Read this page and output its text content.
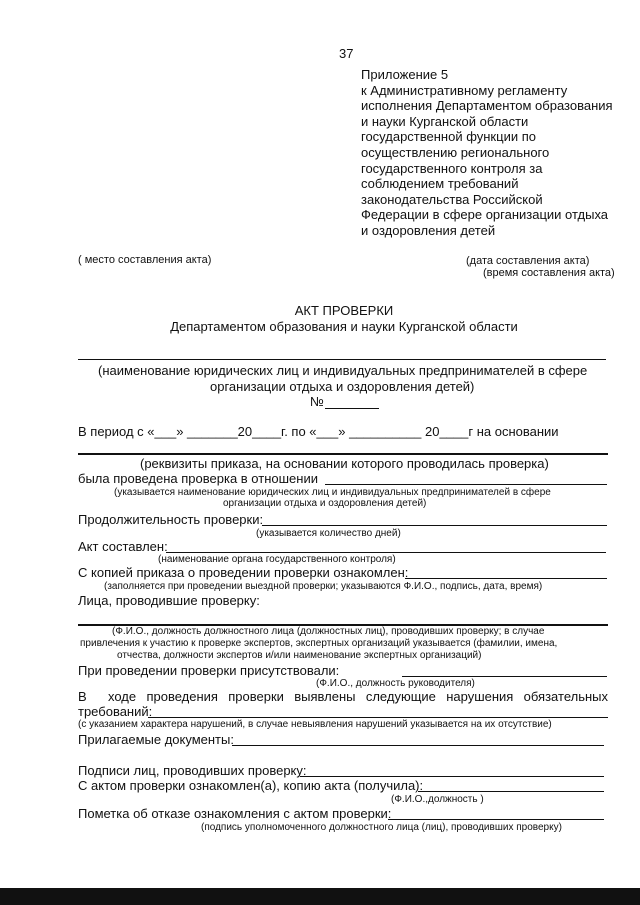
37
Приложение 5
к Административному регламенту
исполнения Департаментом образования
и науки Курганской области
государственной функции по
осуществлению регионального
государственного контроля за
соблюдением требований
законодательства Российской
Федерации в сфере организации отдыха
и оздоровления детей
( место составления акта)	(дата составления акта)
(время составления акта)
АКТ ПРОВЕРКИ
Департаментом образования и науки Курганской области
(наименование юридических лиц и индивидуальных предпринимателей в сфере
организации отдыха и оздоровления детей)
№
В период с «___» _______20____г. по «___» __________ 20____г на основании
(реквизиты приказа, на основании которого проводилась проверка)
была проведена проверка в отношении
(указывается наименование юридических лиц и индивидуальных предпринимателей в сфере
организации отдыха и оздоровления детей)
Продолжительность проверки:
(указывается количество дней)
Акт составлен:
(наименование органа государственного контроля)
С копией приказа о проведении проверки ознакомлен:
(заполняется при проведении выездной проверки; указываются Ф.И.О., подпись, дата, время)
Лица, проводившие проверку:
(Ф.И.О., должность должностного лица (должностных лиц), проводивших проверку; в случае
привлечения к участию к проверке экспертов, экспертных организаций указывается (фамилии, имена,
отчества, должности экспертов и/или наименование экспертных организаций)
При проведении проверки присутствовали:
(Ф.И.О., должность руководителя)
В ходе проведения проверки выявлены следующие нарушения обязательных
требований:
(с указанием характера нарушений, в случае невыявления нарушений указывается на их отсутствие)
Прилагаемые документы:
Подписи лиц, проводивших проверку:
С актом проверки ознакомлен(а), копию акта (получила):
(Ф.И.О.,должность )
Пометка об отказе ознакомления с актом проверки:
(подпись уполномоченного должностного лица (лиц), проводивших проверку)
